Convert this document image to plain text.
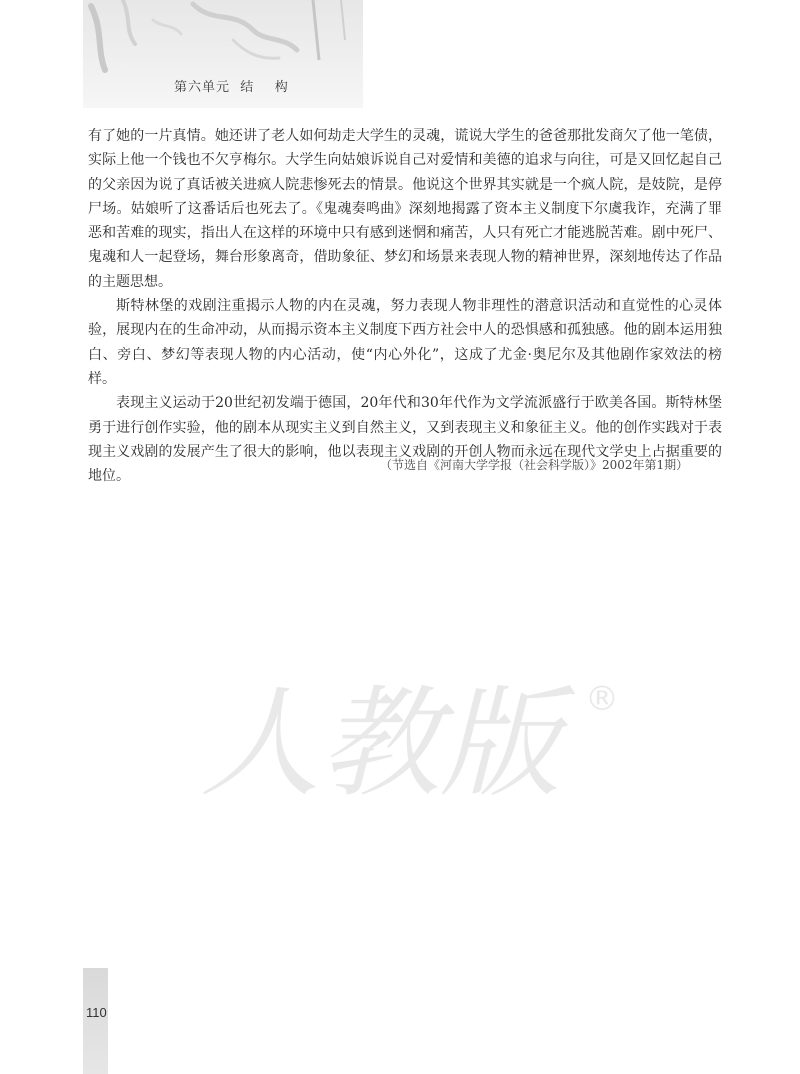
第六单元  结    构

有了她的一片真情。她还讲了老人如何劫走大学生的灵魂，谎说大学生的爸爸那批发商欠了他一笔债，实际上他一个钱也不欠亨梅尔。大学生向姑娘诉说自己对爱情和美德的追求与向往，可是又回忆起自己的父亲因为说了真话被关进疯人院悲惨死去的情景。他说这个世界其实就是一个疯人院，是妓院，是停尸场。姑娘听了这番话后也死去了。《鬼魂奏鸣曲》深刻地揭露了资本主义制度下尔虞我诈，充满了罪恶和苦难的现实，指出人在这样的环境中只有感到迷惘和痛苦，人只有死亡才能逃脱苦难。剧中死尸、鬼魂和人一起登场，舞台形象离奇，借助象征、梦幻和场景来表现人物的精神世界，深刻地传达了作品的主题思想。

斯特林堡的戏剧注重揭示人物的内在灵魂，努力表现人物非理性的潜意识活动和直觉性的心灵体验，展现内在的生命冲动，从而揭示资本主义制度下西方社会中人的恐惧感和孤独感。他的剧本运用独白、旁白、梦幻等表现人物的内心活动，使“内心外化”，这成了尤金·奥尼尔及其他剧作家效法的榜样。

表现主义运动于20世纪初发端于德国，20年代和30年代作为文学流派盛行于欧美各国。斯特林堡勇于进行创作实验，他的剧本从现实主义到自然主义，又到表现主义和象征主义。他的创作实践对于表现主义戏剧的发展产生了很大的影响，他以表现主义戏剧的开创人物而永远在现代文学史上占据重要的地位。

（节选自《河南大学学报（社会科学版）》2002年第1期）
人教版 ®
110
